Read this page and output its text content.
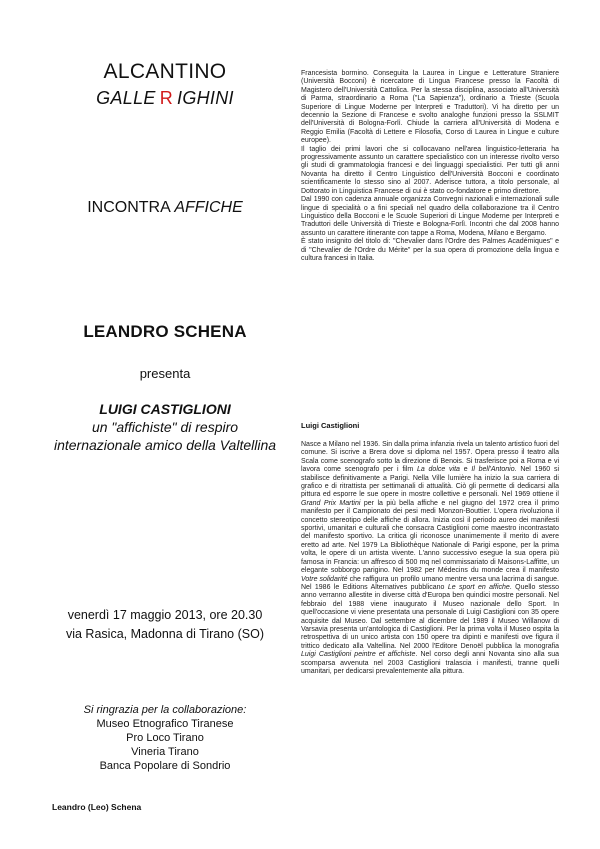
ALCANTINO
GALLE R IGHINI
INCONTRA AFFICHE
LEANDRO SCHENA
presenta
LUIGI CASTIGLIONI
un "affichiste" di respiro
internazionale amico della Valtellina
venerdì 17 maggio 2013, ore 20.30
via Rasica, Madonna di Tirano (SO)
Si ringrazia per la collaborazione:
Museo Etnografico Tiranese
Pro Loco Tirano
Vineria Tirano
Banca Popolare di Sondrio
Leandro (Leo) Schena

Francesista bormino. Conseguita la Laurea in Lingue e Letterature Straniere (Università Bocconi) è ricercatore di Lingua Francese presso la Facoltà di Magistero dell'Università Cattolica. Per la stessa disciplina, associato all'Università di Parma, straordinario a Roma ("La Sapienza"), ordinario a Trieste (Scuola Superiore di Lingue Moderne per Interpreti e Traduttori). Vi ha diretto per un decennio la Sezione di Francese e svolto analoghe funzioni presso la SSLMIT dell'Università di Bologna-Forlì. Chiude la carriera all'Università di Modena e Reggio Emilia (Facoltà di Lettere e Filosofia, Corso di Laurea in Lingue e culture europee).

Il taglio dei primi lavori che si collocavano nell'area linguistico-letteraria ha progressivamente assunto un carattere specialistico con un interesse rivolto verso gli studi di grammatologia francesi e dei linguaggi specialistici. Per tutti gli anni Novanta ha diretto il Centro Linguistico dell'Università Bocconi e coordinato scientificamente lo stesso sino al 2007. Aderisce tuttora, a titolo personale, al Dottorato in Linguistica Francese di cui è stato co-fondatore e primo direttore.

Dal 1990 con cadenza annuale organizza Convegni nazionali e internazionali sulle lingue di specialità o a fini speciali nel quadro della collaborazione tra il Centro Linguistico della Bocconi e le Scuole Superiori di Lingue Moderne per Interpreti e Traduttori delle Università di Trieste e Bologna-Forlì. Incontri che dal 2008 hanno assunto un carattere itinerante con tappe a Roma, Modena, Milano e Bergamo.

È stato insignito del titolo di: "Chevalier dans l'Ordre des Palmes Académiques" e di "Chevalier de l'Ordre du Mérite" per la sua opera di promozione della lingua e cultura francesi in Italia.

Luigi Castiglioni

Nasce a Milano nel 1936. Sin dalla prima infanzia rivela un talento artistico fuori del comune. Si iscrive a Brera dove si diploma nel 1957. Opera presso il teatro alla Scala come scenografo sotto la direzione di Benois. Si trasferisce poi a Roma e vi lavora come scenografo per i film La dolce vita e Il bell'Antonio. Nel 1960 si stabilisce definitivamente a Parigi. Nella Ville lumière ha inizio la sua carriera di grafico e di ritrattista per settimanali di attualità. Ciò gli permette di dedicarsi alla pittura ed esporre le sue opere in mostre collettive e personali. Nel 1969 ottiene il Grand Prix Martini per la più bella affiche e nel giugno del 1972 crea il primo manifesto per il Campionato dei pesi medi Monzon-Bouttier. L'opera rivoluziona il concetto stereotipo delle affiche di allora. Inizia così il periodo aureo dei manifesti sportivi, umanitari e culturali che consacra Castiglioni come maestro incontrastato del manifesto sportivo. La critica gli riconosce unanimemente il merito di avere eretto ad arte. Nel 1979 La Bibliothèque Nationale di Parigi espone, per la prima volta, le opere di un artista vivente. L'anno successivo esegue la sua opera più famosa in Francia: un affresco di 500 mq nel commissariato di Maisons-Laffitte, un elegante sobborgo parigino. Nel 1982 per Médecins du monde crea il manifesto Votre solidarité che raffigura un profilo umano mentre versa una lacrima di sangue. Nel 1986 le Editions Alternatives pubblicano Le sport en affiche. Quello stesso anno verranno allestite in diverse città d'Europa ben quindici mostre personali. Nel febbraio del 1988 viene inaugurato il Museo nazionale dello Sport. In quell'occasione vi viene presentata una personale di Luigi Castiglioni con 35 opere acquisite dal Museo. Dal settembre al dicembre del 1989 il Museo Willanow di Varsavia presenta un'antologica di Castiglioni. Per la prima volta il Museo ospita la retrospettiva di un unico artista con 150 opere tra dipinti e manifesti ove figura il trittico dedicato alla Valtellina. Nel 2000 l'Editore Denoël pubblica la monografia Luigi Castiglioni peintre et affichiste. Nel corso degli anni Novanta sino alla sua scomparsa avvenuta nel 2003 Castiglioni tralascia i manifesti, tranne quelli umanitari, per dedicarsi prevalentemente alla pittura.
